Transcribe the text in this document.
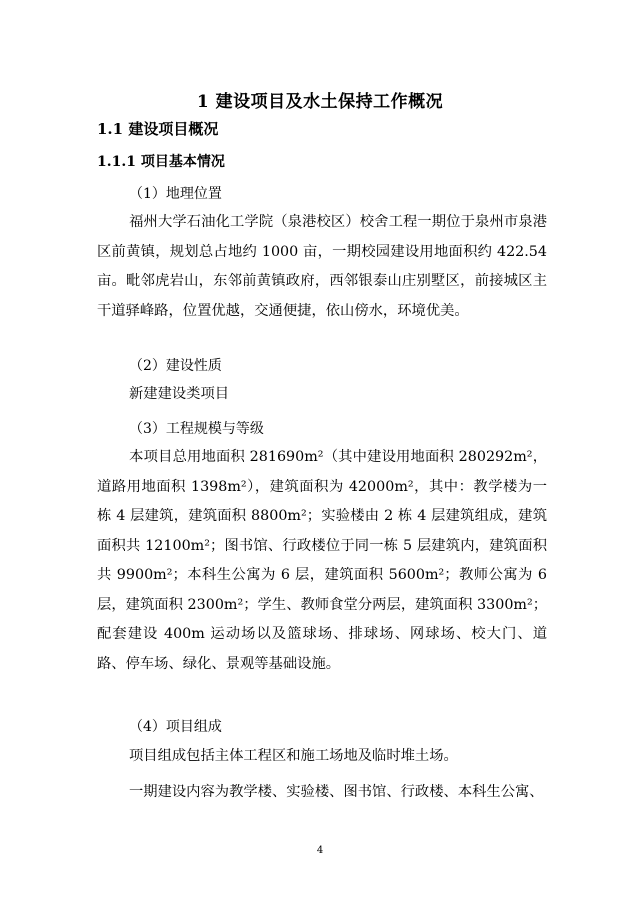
1 建设项目及水土保持工作概况
1.1 建设项目概况
1.1.1 项目基本情况
（1）地理位置
福州大学石油化工学院（泉港校区）校舍工程一期位于泉州市泉港区前黄镇，规划总占地约 1000 亩，一期校园建设用地面积约 422.54 亩。毗邻虎岩山，东邻前黄镇政府，西邻银泰山庄别墅区，前接城区主干道驿峰路，位置优越，交通便捷，依山傍水，环境优美。
（2）建设性质
新建建设类项目
（3）工程规模与等级
本项目总用地面积 281690m²（其中建设用地面积 280292m²，道路用地面积 1398m²），建筑面积为 42000m²，其中：教学楼为一栋 4 层建筑，建筑面积 8800m²；实验楼由 2 栋 4 层建筑组成，建筑面积共 12100m²；图书馆、行政楼位于同一栋 5 层建筑内，建筑面积共 9900m²；本科生公寓为 6 层，建筑面积 5600m²；教师公寓为 6 层，建筑面积 2300m²；学生、教师食堂分两层，建筑面积 3300m²；配套建设 400m 运动场以及篮球场、排球场、网球场、校大门、道路、停车场、绿化、景观等基础设施。
（4）项目组成
项目组成包括主体工程区和施工场地及临时堆土场。
一期建设内容为教学楼、实验楼、图书馆、行政楼、本科生公寓、
4
